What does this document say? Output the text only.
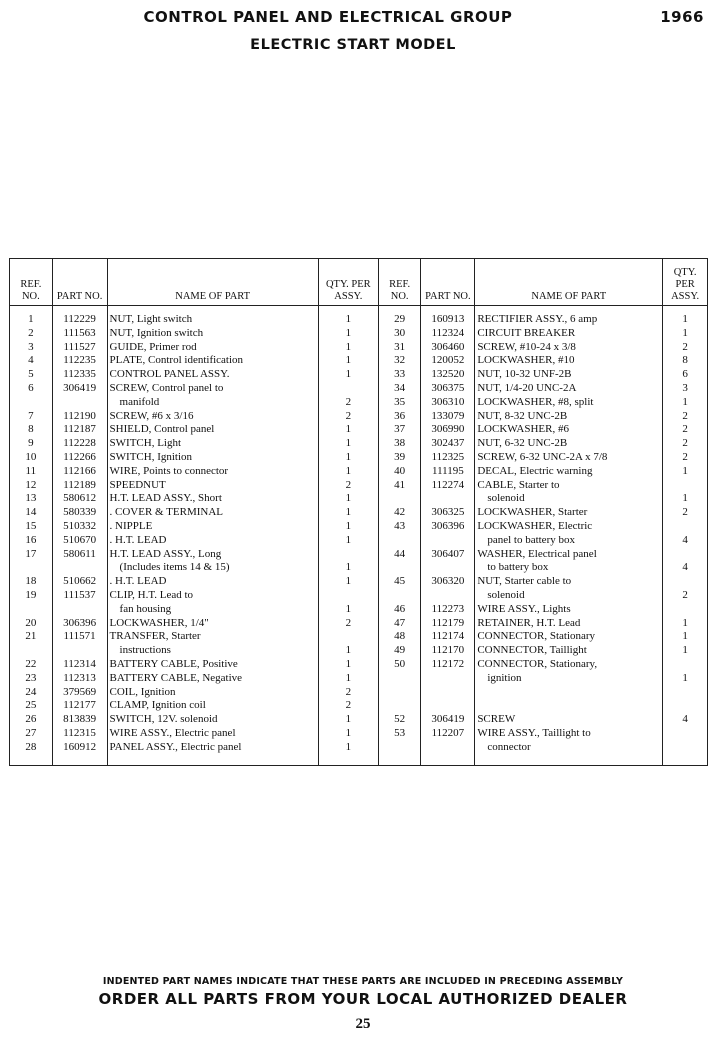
CONTROL PANEL AND ELECTRICAL GROUP	1966
ELECTRIC START MODEL
REF. NO.	PART NO.	NAME OF PART	QTY. PER ASSY.	REF. NO.	PART NO.	NAME OF PART	QTY. PER ASSY.
1	112229	NUT, Light switch	1	29	160913	RECTIFIER ASSY., 6 amp	1
2	111563	NUT, Ignition switch	1	30	112324	CIRCUIT BREAKER	1
3	111527	GUIDE, Primer rod	1	31	306460	SCREW, #10-24 x 3/8	2
4	112235	PLATE, Control identification	1	32	120052	LOCKWASHER, #10	8
5	112335	CONTROL PANEL ASSY.	1	33	132520	NUT, 10-32 UNF-2B	6
6	306419	SCREW, Control panel to		34	306375	NUT, 1/4-20 UNC-2A	3
		manifold	2	35	306310	LOCKWASHER, #8, split	1
7	112190	SCREW, #6 x 3/16	2	36	133079	NUT, 8-32 UNC-2B	2
8	112187	SHIELD, Control panel	1	37	306990	LOCKWASHER, #6	2
9	112228	SWITCH, Light	1	38	302437	NUT, 6-32 UNC-2B	2
10	112266	SWITCH, Ignition	1	39	112325	SCREW, 6-32 UNC-2A x 7/8	2
11	112166	WIRE, Points to connector	1	40	111195	DECAL, Electric warning	1
12	112189	SPEEDNUT	2	41	112274	CABLE, Starter to	
13	580612	H.T. LEAD ASSY., Short	1			solenoid	1
14	580339	. COVER & TERMINAL	1	42	306325	LOCKWASHER, Starter	2
15	510332	. NIPPLE	1	43	306396	LOCKWASHER, Electric	
16	510670	. H.T. LEAD	1			panel to battery box	4
17	580611	H.T. LEAD ASSY., Long		44	306407	WASHER, Electrical panel	
		(Includes items 14 & 15)	1			to battery box	4
18	510662	. H.T. LEAD	1	45	306320	NUT, Starter cable to	
19	111537	CLIP, H.T. Lead to				solenoid	2
		fan housing	1	46	112273	WIRE ASSY., Lights	
20	306396	LOCKWASHER, 1/4"	2	47	112179	RETAINER, H.T. Lead	1
21	111571	TRANSFER, Starter		48	112174	CONNECTOR, Stationary	1
		instructions	1	49	112170	CONNECTOR, Taillight	1
22	112314	BATTERY CABLE, Positive	1	50	112172	CONNECTOR, Stationary,	
23	112313	BATTERY CABLE, Negative	1			ignition	1
24	379569	COIL, Ignition	2				
25	112177	CLAMP, Ignition coil	2				
26	813839	SWITCH, 12V. solenoid	1	52	306419	SCREW	4
27	112315	WIRE ASSY., Electric panel	1	53	112207	WIRE ASSY., Taillight to	
28	160912	PANEL ASSY., Electric panel	1			connector	
INDENTED PART NAMES INDICATE THAT THESE PARTS ARE INCLUDED IN PRECEDING ASSEMBLY
ORDER ALL PARTS FROM YOUR LOCAL AUTHORIZED DEALER
25
